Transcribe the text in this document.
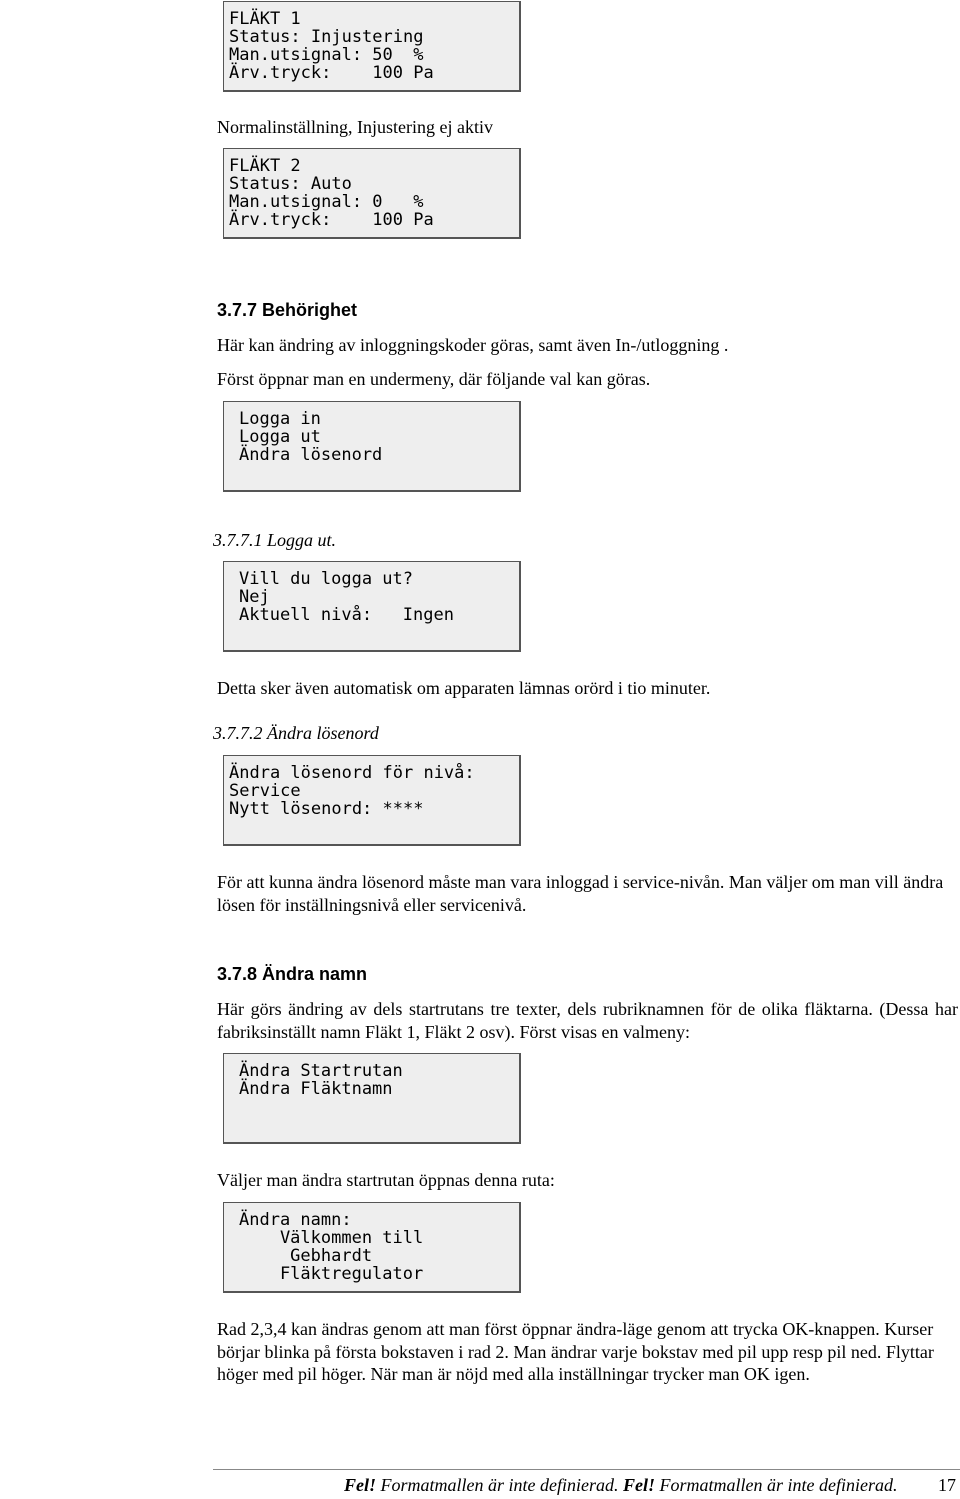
FLÄKT 1
Status: Injustering
Man.utsignal: 50  %
Ärv.tryck:    100 Pa
Normalinställning, Injustering ej aktiv
FLÄKT 2
Status: Auto
Man.utsignal: 0   %
Ärv.tryck:    100 Pa
3.7.7 Behörighet
Här kan ändring av inloggningskoder göras, samt även In-/utloggning .
Först öppnar man en undermeny, där följande val kan göras.
Logga in
Logga ut
Ändra lösenord
3.7.7.1 Logga ut.
Vill du logga ut?
Nej
Aktuell nivå:   Ingen
Detta sker även automatisk om apparaten lämnas orörd i tio minuter.
3.7.7.2 Ändra lösenord
Ändra lösenord för nivå:
Service
Nytt lösenord: ****
För att kunna ändra lösenord måste man vara inloggad i service-nivån. Man väljer om man vill ändra lösen för inställningsnivå eller servicenivå.
3.7.8 Ändra namn
Här görs ändring av dels startrutans tre texter, dels rubriknamnen för de olika fläktarna. (Dessa har fabriksinställt namn Fläkt 1, Fläkt 2 osv). Först visas en valmeny:
Ändra Startrutan
Ändra Fläktnamn
Väljer man ändra startrutan öppnas denna ruta:
Ändra namn:
Välkommen till
Gebhardt
Fläktregulator
Rad 2,3,4 kan ändras genom att man först öppnar ändra-läge genom att trycka OK-knappen. Kurser börjar blinka på första bokstaven i rad 2. Man ändrar varje bokstav med pil upp resp pil ned. Flyttar höger med pil höger. När man är nöjd med alla inställningar trycker man OK igen.
Fel! Formatmallen är inte definierad. Fel! Formatmallen är inte definierad. 17
